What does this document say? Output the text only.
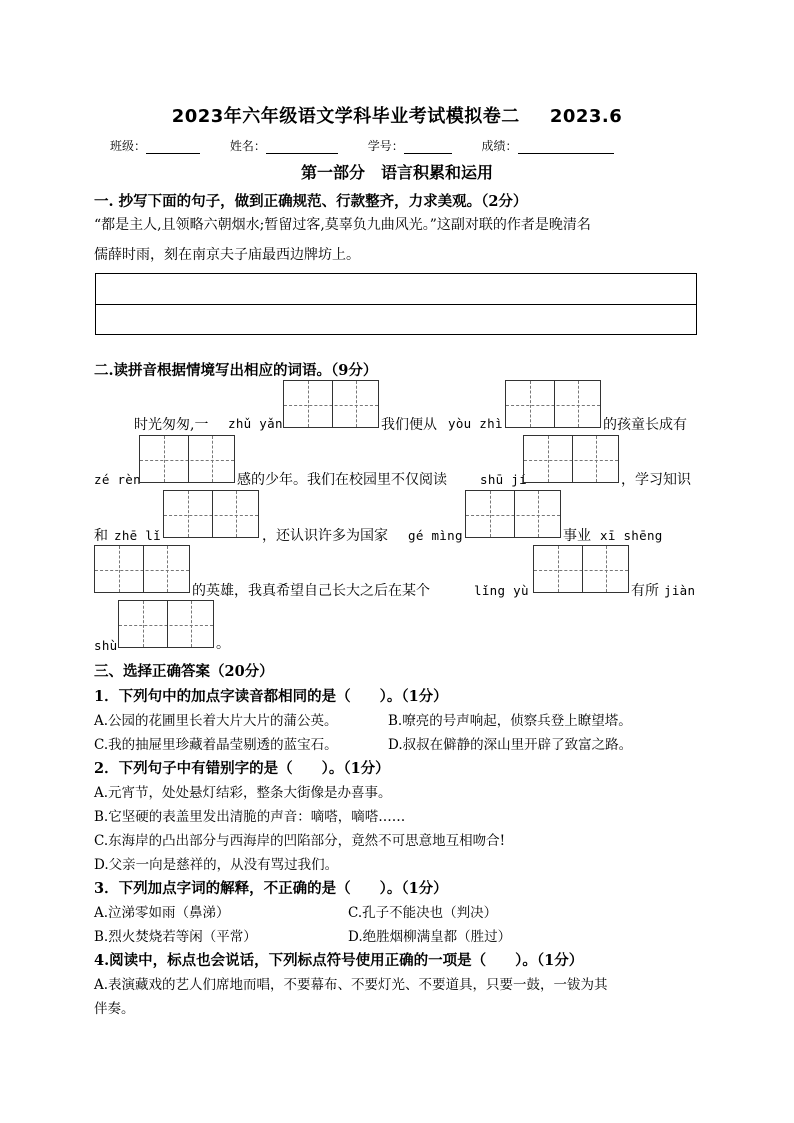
2023年六年级语文学科毕业考试模拟卷二 2023.6
班级：	姓名：	学号：	成绩：
第一部分　语言积累和运用
一. 抄写下面的句子，做到正确规范、行款整齐，力求美观。（2分）
“都是主人,且领略六朝烟水;暂留过客,莫辜负九曲风光。”这副对联的作者是晚清名
儒薛时雨，刻在南京夫子庙最西边牌坊上。
二.读拼音根据情境写出相应的词语。（9分）
时光匆匆,一 zhǔ yǎn	我们便从 yòu zhì	的孩童长成有
zé rèn	感的少年。我们在校园里不仅阅读	shū jí	，学习知识
和 zhē lǐ	，还认识许多为国家 gé mìng	事业 xī shēng
的英雄，我真希望自己长大之后在某个	lǐng yù	有所 jiàn
shù	。
三、选择正确答案（20分）
1．下列句中的加点字读音都相同的是（　　）。（1分）
A.公园的花圃里长着大片大片的蒲公英。	B.嘹亮的号声响起，侦察兵登上瞭望塔。
C.我的抽屉里珍藏着晶莹剔透的蓝宝石。	D.叔叔在僻静的深山里开辟了致富之路。
2．下列句子中有错别字的是（　　）。（1分）
A.元宵节，处处悬灯结彩，整条大街像是办喜事。
B.它坚硬的表盖里发出清脆的声音：嘀嗒，嘀嗒……
C.东海岸的凸出部分与西海岸的凹陷部分，竟然不可思意地互相吻合!
D.父亲一向是慈祥的，从没有骂过我们。
3．下列加点字词的解释，不正确的是（　　）。（1分）
A.泣涕零如雨（鼻涕）	C.孔子不能决也（判决）
B.烈火焚烧若等闲（平常）	D.绝胜烟柳满皇都（胜过）
4.阅读中，标点也会说话，下列标点符号使用正确的一项是（　　）。（1分）
A.表演藏戏的艺人们席地而唱，不要幕布、不要灯光、不要道具，只要一鼓，一钹为其
伴奏。
